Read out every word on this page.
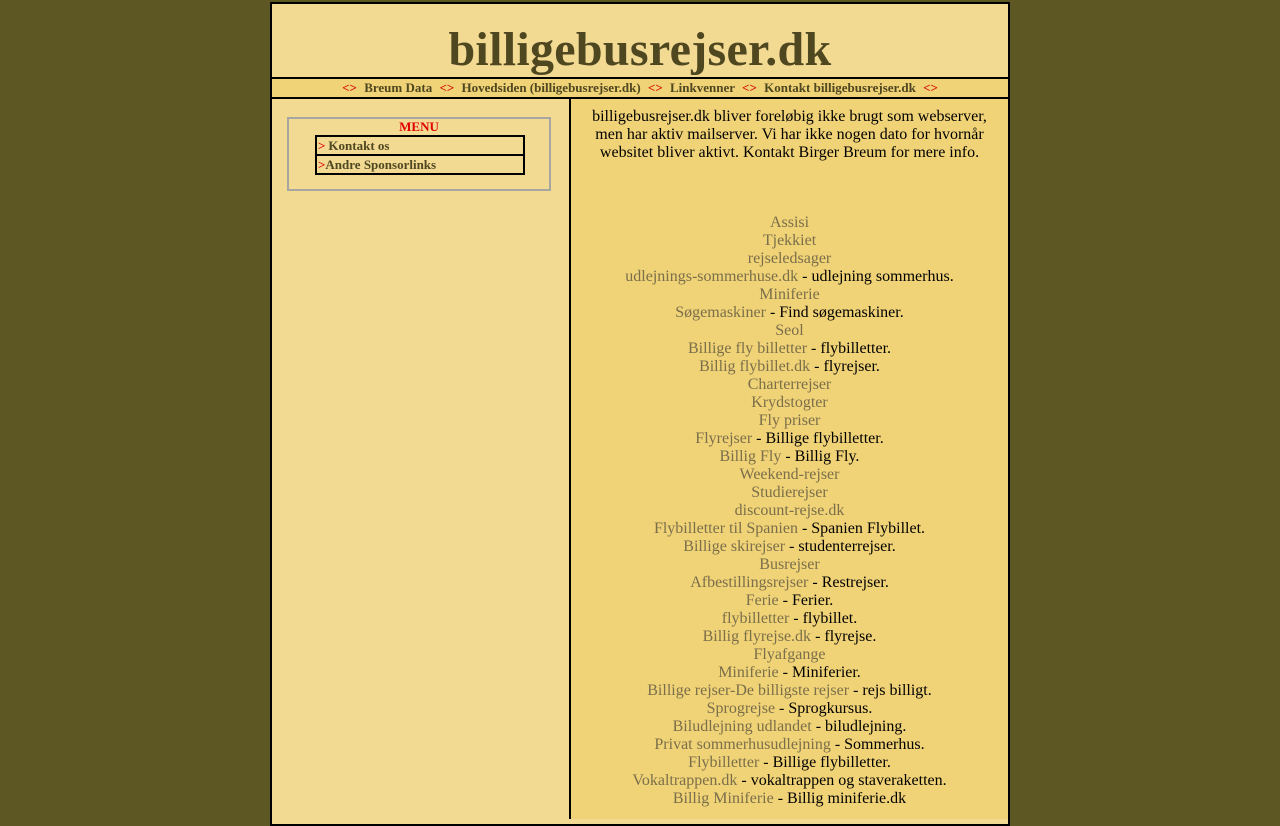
billigebusrejser.dk
<> Breum Data <> Hovedsiden (billigebusrejser.dk) <> Linkvenner <> Kontakt billigebusrejser.dk <>
MENU
> Kontakt os
>Andre Sponsorlinks
billigebusrejser.dk bliver foreløbig ikke brugt som webserver, men har aktiv mailserver. Vi har ikke nogen dato for hvornår websitet bliver aktivt. Kontakt Birger Breum for mere info.
Assisi
Tjekkiet
rejseledsager
udlejnings-sommerhuse.dk - udlejning sommerhus.
Miniferie
Søgemaskiner - Find søgemaskiner.
Seol
Billige fly billetter - flybilletter.
Billig flybillet.dk - flyrejser.
Charterrejser
Krydstogter
Fly priser
Flyrejser - Billige flybilletter.
Billig Fly - Billig Fly.
Weekend-rejser
Studierejser
discount-rejse.dk
Flybilletter til Spanien - Spanien Flybillet.
Billige skirejser - studenterrejser.
Busrejser
Afbestillingsrejser - Restrejser.
Ferie - Ferier.
flybilletter - flybillet.
Billig flyrejse.dk - flyrejse.
Flyafgange
Miniferie - Miniferier.
Billige rejser-De billigste rejser - rejs billigt.
Sprogrejse - Sprogkursus.
Biludlejning udlandet - biludlejning.
Privat sommerhusudlejning - Sommerhus.
Flybilletter - Billige flybilletter.
Vokaltrappen.dk - vokaltrappen og staveraketten.
Billig Miniferie - Billig miniferie.dk
